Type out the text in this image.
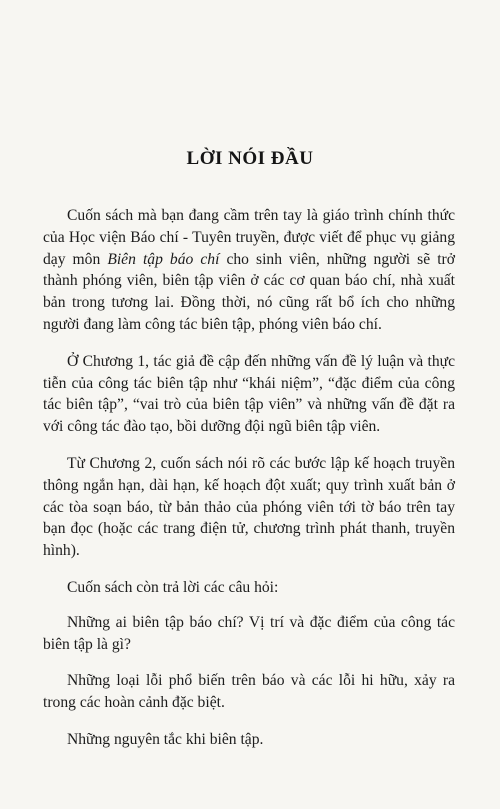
LỜI NÓI ĐẦU

Cuốn sách mà bạn đang cầm trên tay là giáo trình chính thức của Học viện Báo chí - Tuyên truyền, được viết để phục vụ giảng dạy môn Biên tập báo chí cho sinh viên, những người sẽ trở thành phóng viên, biên tập viên ở các cơ quan báo chí, nhà xuất bản trong tương lai. Đồng thời, nó cũng rất bổ ích cho những người đang làm công tác biên tập, phóng viên báo chí.

Ở Chương 1, tác giả đề cập đến những vấn đề lý luận và thực tiễn của công tác biên tập như “khái niệm”, “đặc điểm của công tác biên tập”, “vai trò của biên tập viên” và những vấn đề đặt ra với công tác đào tạo, bồi dưỡng đội ngũ biên tập viên.

Từ Chương 2, cuốn sách nói rõ các bước lập kế hoạch truyền thông ngắn hạn, dài hạn, kế hoạch đột xuất; quy trình xuất bản ở các tòa soạn báo, từ bản thảo của phóng viên tới tờ báo trên tay bạn đọc (hoặc các trang điện tử, chương trình phát thanh, truyền hình).

Cuốn sách còn trả lời các câu hỏi:

Những ai biên tập báo chí? Vị trí và đặc điểm của công tác biên tập là gì?

Những loại lỗi phổ biến trên báo và các lỗi hi hữu, xảy ra trong các hoàn cảnh đặc biệt.

Những nguyên tắc khi biên tập.
